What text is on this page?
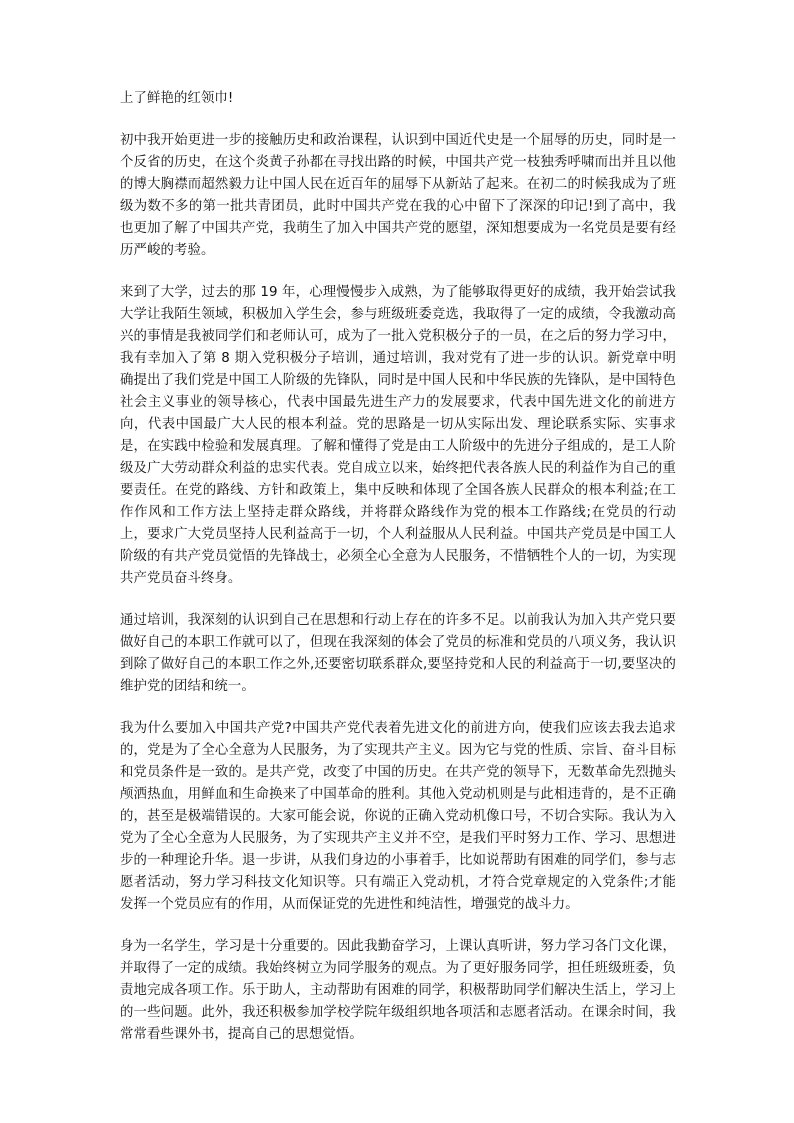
上了鲜艳的红领巾!

初中我开始更进一步的接触历史和政治课程，认识到中国近代史是一个屈辱的历史，同时是一个反省的历史，在这个炎黄子孙都在寻找出路的时候，中国共产党一枝独秀呼啸而出并且以他的博大胸襟而超然毅力让中国人民在近百年的屈辱下从新站了起来。在初二的时候我成为了班级为数不多的第一批共青团员，此时中国共产党在我的心中留下了深深的印记!到了高中，我也更加了解了中国共产党，我萌生了加入中国共产党的愿望，深知想要成为一名党员是要有经历严峻的考验。

来到了大学，过去的那 19 年，心理慢慢步入成熟，为了能够取得更好的成绩，我开始尝试我大学让我陌生领域，积极加入学生会，参与班级班委竞选，我取得了一定的成绩，令我激动高兴的事情是我被同学们和老师认可，成为了一批入党积极分子的一员，在之后的努力学习中，我有幸加入了第 8 期入党积极分子培训，通过培训，我对党有了进一步的认识。新党章中明确提出了我们党是中国工人阶级的先锋队，同时是中国人民和中华民族的先锋队，是中国特色社会主义事业的领导核心，代表中国最先进生产力的发展要求，代表中国先进文化的前进方向，代表中国最广大人民的根本利益。党的思路是一切从实际出发、理论联系实际、实事求是，在实践中检验和发展真理。了解和懂得了党是由工人阶级中的先进分子组成的，是工人阶级及广大劳动群众利益的忠实代表。党自成立以来，始终把代表各族人民的利益作为自己的重要责任。在党的路线、方针和政策上，集中反映和体现了全国各族人民群众的根本利益;在工作作风和工作方法上坚持走群众路线，并将群众路线作为党的根本工作路线;在党员的行动上，要求广大党员坚持人民利益高于一切，个人利益服从人民利益。中国共产党员是中国工人阶级的有共产党员觉悟的先锋战士，必须全心全意为人民服务，不惜牺牲个人的一切，为实现共产党员奋斗终身。

通过培训，我深刻的认识到自己在思想和行动上存在的许多不足。以前我认为加入共产党只要做好自己的本职工作就可以了，但现在我深刻的体会了党员的标准和党员的八项义务，我认识到除了做好自己的本职工作之外,还要密切联系群众,要坚持党和人民的利益高于一切,要坚决的维护党的团结和统一。

我为什么要加入中国共产党?中国共产党代表着先进文化的前进方向，使我们应该去我去追求的，党是为了全心全意为人民服务，为了实现共产主义。因为它与党的性质、宗旨、奋斗目标和党员条件是一致的。是共产党，改变了中国的历史。在共产党的领导下，无数革命先烈抛头颅洒热血，用鲜血和生命换来了中国革命的胜利。其他入党动机则是与此相违背的，是不正确的，甚至是极端错误的。大家可能会说，你说的正确入党动机像口号，不切合实际。我认为入党为了全心全意为人民服务，为了实现共产主义并不空，是我们平时努力工作、学习、思想进步的一种理论升华。退一步讲，从我们身边的小事着手，比如说帮助有困难的同学们，参与志愿者活动，努力学习科技文化知识等。只有端正入党动机，才符合党章规定的入党条件;才能发挥一个党员应有的作用，从而保证党的先进性和纯洁性，增强党的战斗力。

身为一名学生，学习是十分重要的。因此我勤奋学习，上课认真听讲，努力学习各门文化课，并取得了一定的成绩。我始终树立为同学服务的观点。为了更好服务同学，担任班级班委，负责地完成各项工作。乐于助人，主动帮助有困难的同学，积极帮助同学们解决生活上，学习上的一些问题。此外，我还积极参加学校学院年级组织地各项活和志愿者活动。在课余时间，我常常看些课外书，提高自己的思想觉悟。
